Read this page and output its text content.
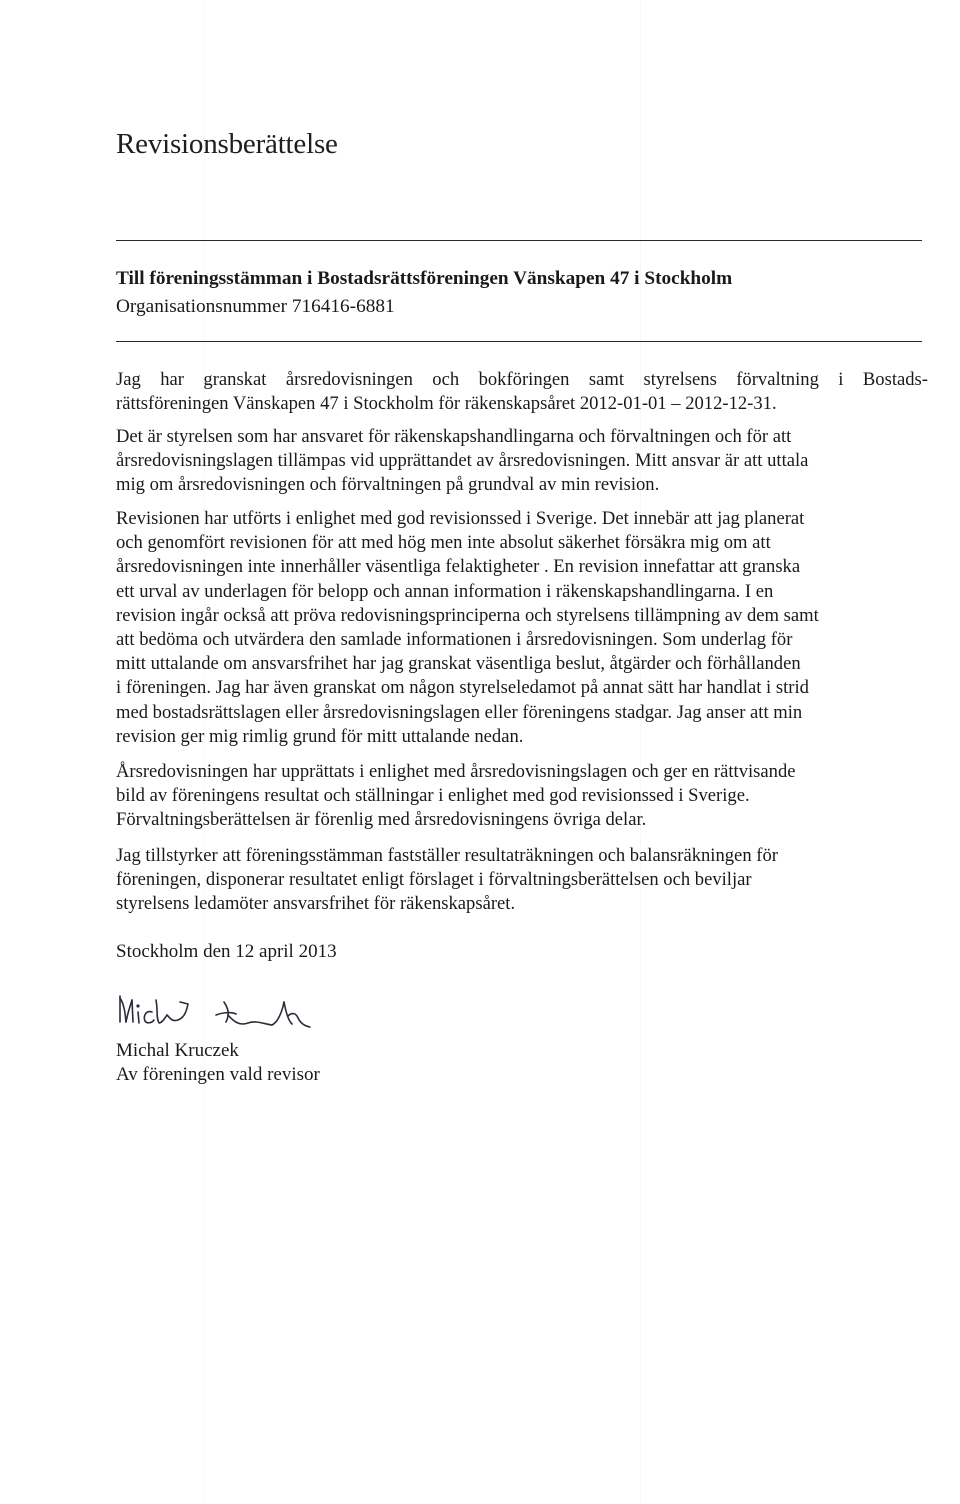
Revisionsberättelse
Till föreningsstämman i Bostadsrättsföreningen Vänskapen 47 i Stockholm
Organisationsnummer 716416-6881
Jag har granskat årsredovisningen och bokföringen samt styrelsens förvaltning i Bostads-
rättsföreningen Vänskapen 47 i Stockholm för räkenskapsåret 2012-01-01 – 2012-12-31.
Det är styrelsen som har ansvaret för räkenskapshandlingarna och förvaltningen och för att
årsredovisningslagen tillämpas vid upprättandet av årsredovisningen. Mitt ansvar är att uttala
mig om årsredovisningen och förvaltningen på grundval av min revision.
Revisionen har utförts i enlighet med god revisionssed i Sverige. Det innebär att jag planerat
och genomfört revisionen för att med hög men inte absolut säkerhet försäkra mig om att
årsredovisningen inte innerhåller väsentliga felaktigheter . En revision innefattar att granska
ett urval av underlagen för belopp och annan information i räkenskapshandlingarna. I en
revision ingår också att pröva redovisningsprinciperna och styrelsens tillämpning av dem samt
att bedöma och utvärdera den samlade informationen i årsredovisningen. Som underlag för
mitt uttalande om ansvarsfrihet har jag granskat väsentliga beslut, åtgärder och förhållanden
i föreningen. Jag har även granskat om någon styrelseledamot på annat sätt har handlat i strid
med bostadsrättslagen eller årsredovisningslagen eller föreningens stadgar. Jag anser att min
revision ger mig rimlig grund för mitt uttalande nedan.
Årsredovisningen har upprättats i enlighet med årsredovisningslagen och ger en rättvisande
bild av föreningens resultat och ställningar i enlighet med god revisionssed i Sverige.
Förvaltningsberättelsen är förenlig med årsredovisningens övriga delar.
Jag tillstyrker att föreningsstämman fastställer resultaträkningen och balansräkningen för
föreningen, disponerar resultatet enligt förslaget i förvaltningsberättelsen och beviljar
styrelsens ledamöter ansvarsfrihet för räkenskapsåret.
Stockholm den 12 april 2013
Michal Kruczek
Av föreningen vald revisor
